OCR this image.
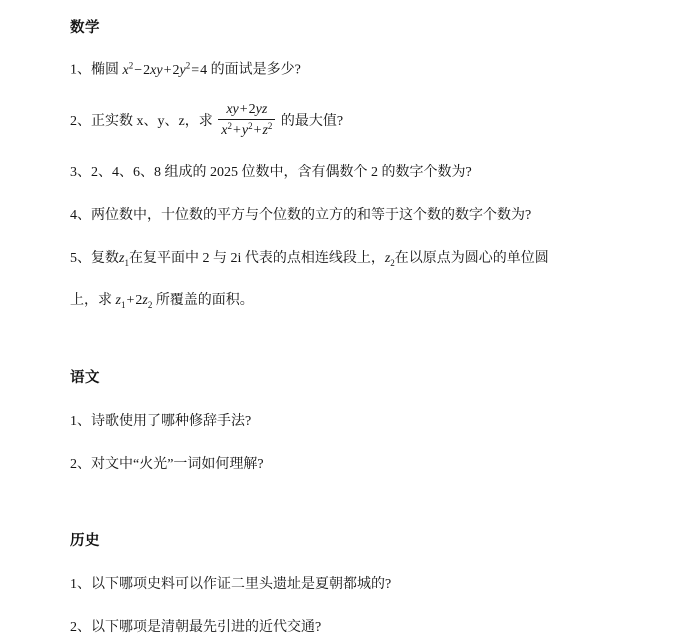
数学
1、椭圆 $x^2-2xy+2y^2=4$ 的面试是多少?
2、正实数 x、y、z，求 $\frac{xy+2yz}{x^2+y^2+z^2}$ 的最大值?
3、2、4、6、8 组成的 2025 位数中，含有偶数个 2 的数字个数为?
4、两位数中，十位数的平方与个位数的立方的和等于这个数的数字个数为?
5、复数$z_1$在复平面中 2 与 2i 代表的点相连线段上，$z_2$在以原点为圆心的单位圆
上，求 $z_1+2z_2$ 所覆盖的面积。
语文
1、诗歌使用了哪种修辞手法?
2、对文中“火光”一词如何理解?
历史
1、以下哪项史料可以作证二里头遗址是夏朝都城的?
2、以下哪项是清朝最先引进的近代交通?
